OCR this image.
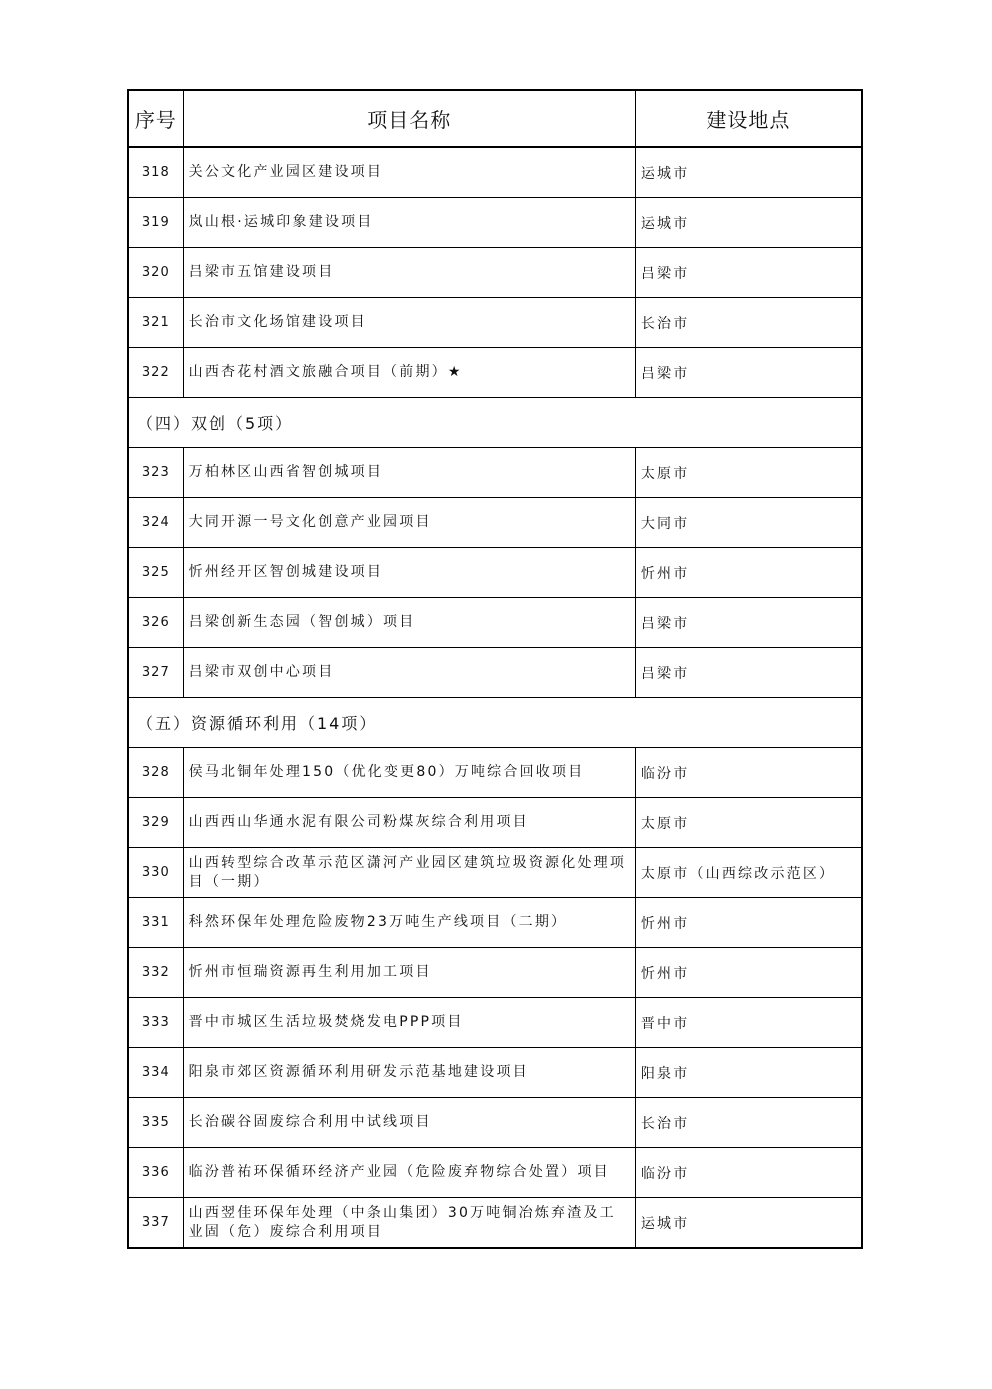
序号	项目名称	建设地点
318	关公文化产业园区建设项目	运城市
319	岚山根·运城印象建设项目	运城市
320	吕梁市五馆建设项目	吕梁市
321	长治市文化场馆建设项目	长治市
322	山西杏花村酒文旅融合项目（前期）★	吕梁市
（四）双创（5项）		
323	万柏林区山西省智创城项目	太原市
324	大同开源一号文化创意产业园项目	大同市
325	忻州经开区智创城建设项目	忻州市
326	吕梁创新生态园（智创城）项目	吕梁市
327	吕梁市双创中心项目	吕梁市
（五）资源循环利用（14项）		
328	侯马北铜年处理150（优化变更80）万吨综合回收项目	临汾市
329	山西西山华通水泥有限公司粉煤灰综合利用项目	太原市
330	山西转型综合改革示范区潇河产业园区建筑垃圾资源化处理项目（一期）	太原市（山西综改示范区）
331	科然环保年处理危险废物23万吨生产线项目（二期）	忻州市
332	忻州市恒瑞资源再生利用加工项目	忻州市
333	晋中市城区生活垃圾焚烧发电PPP项目	晋中市
334	阳泉市郊区资源循环利用研发示范基地建设项目	阳泉市
335	长治碳谷固废综合利用中试线项目	长治市
336	临汾普祐环保循环经济产业园（危险废弃物综合处置）项目	临汾市
337	山西翌佳环保年处理（中条山集团）30万吨铜冶炼弃渣及工业固（危）废综合利用项目	运城市
